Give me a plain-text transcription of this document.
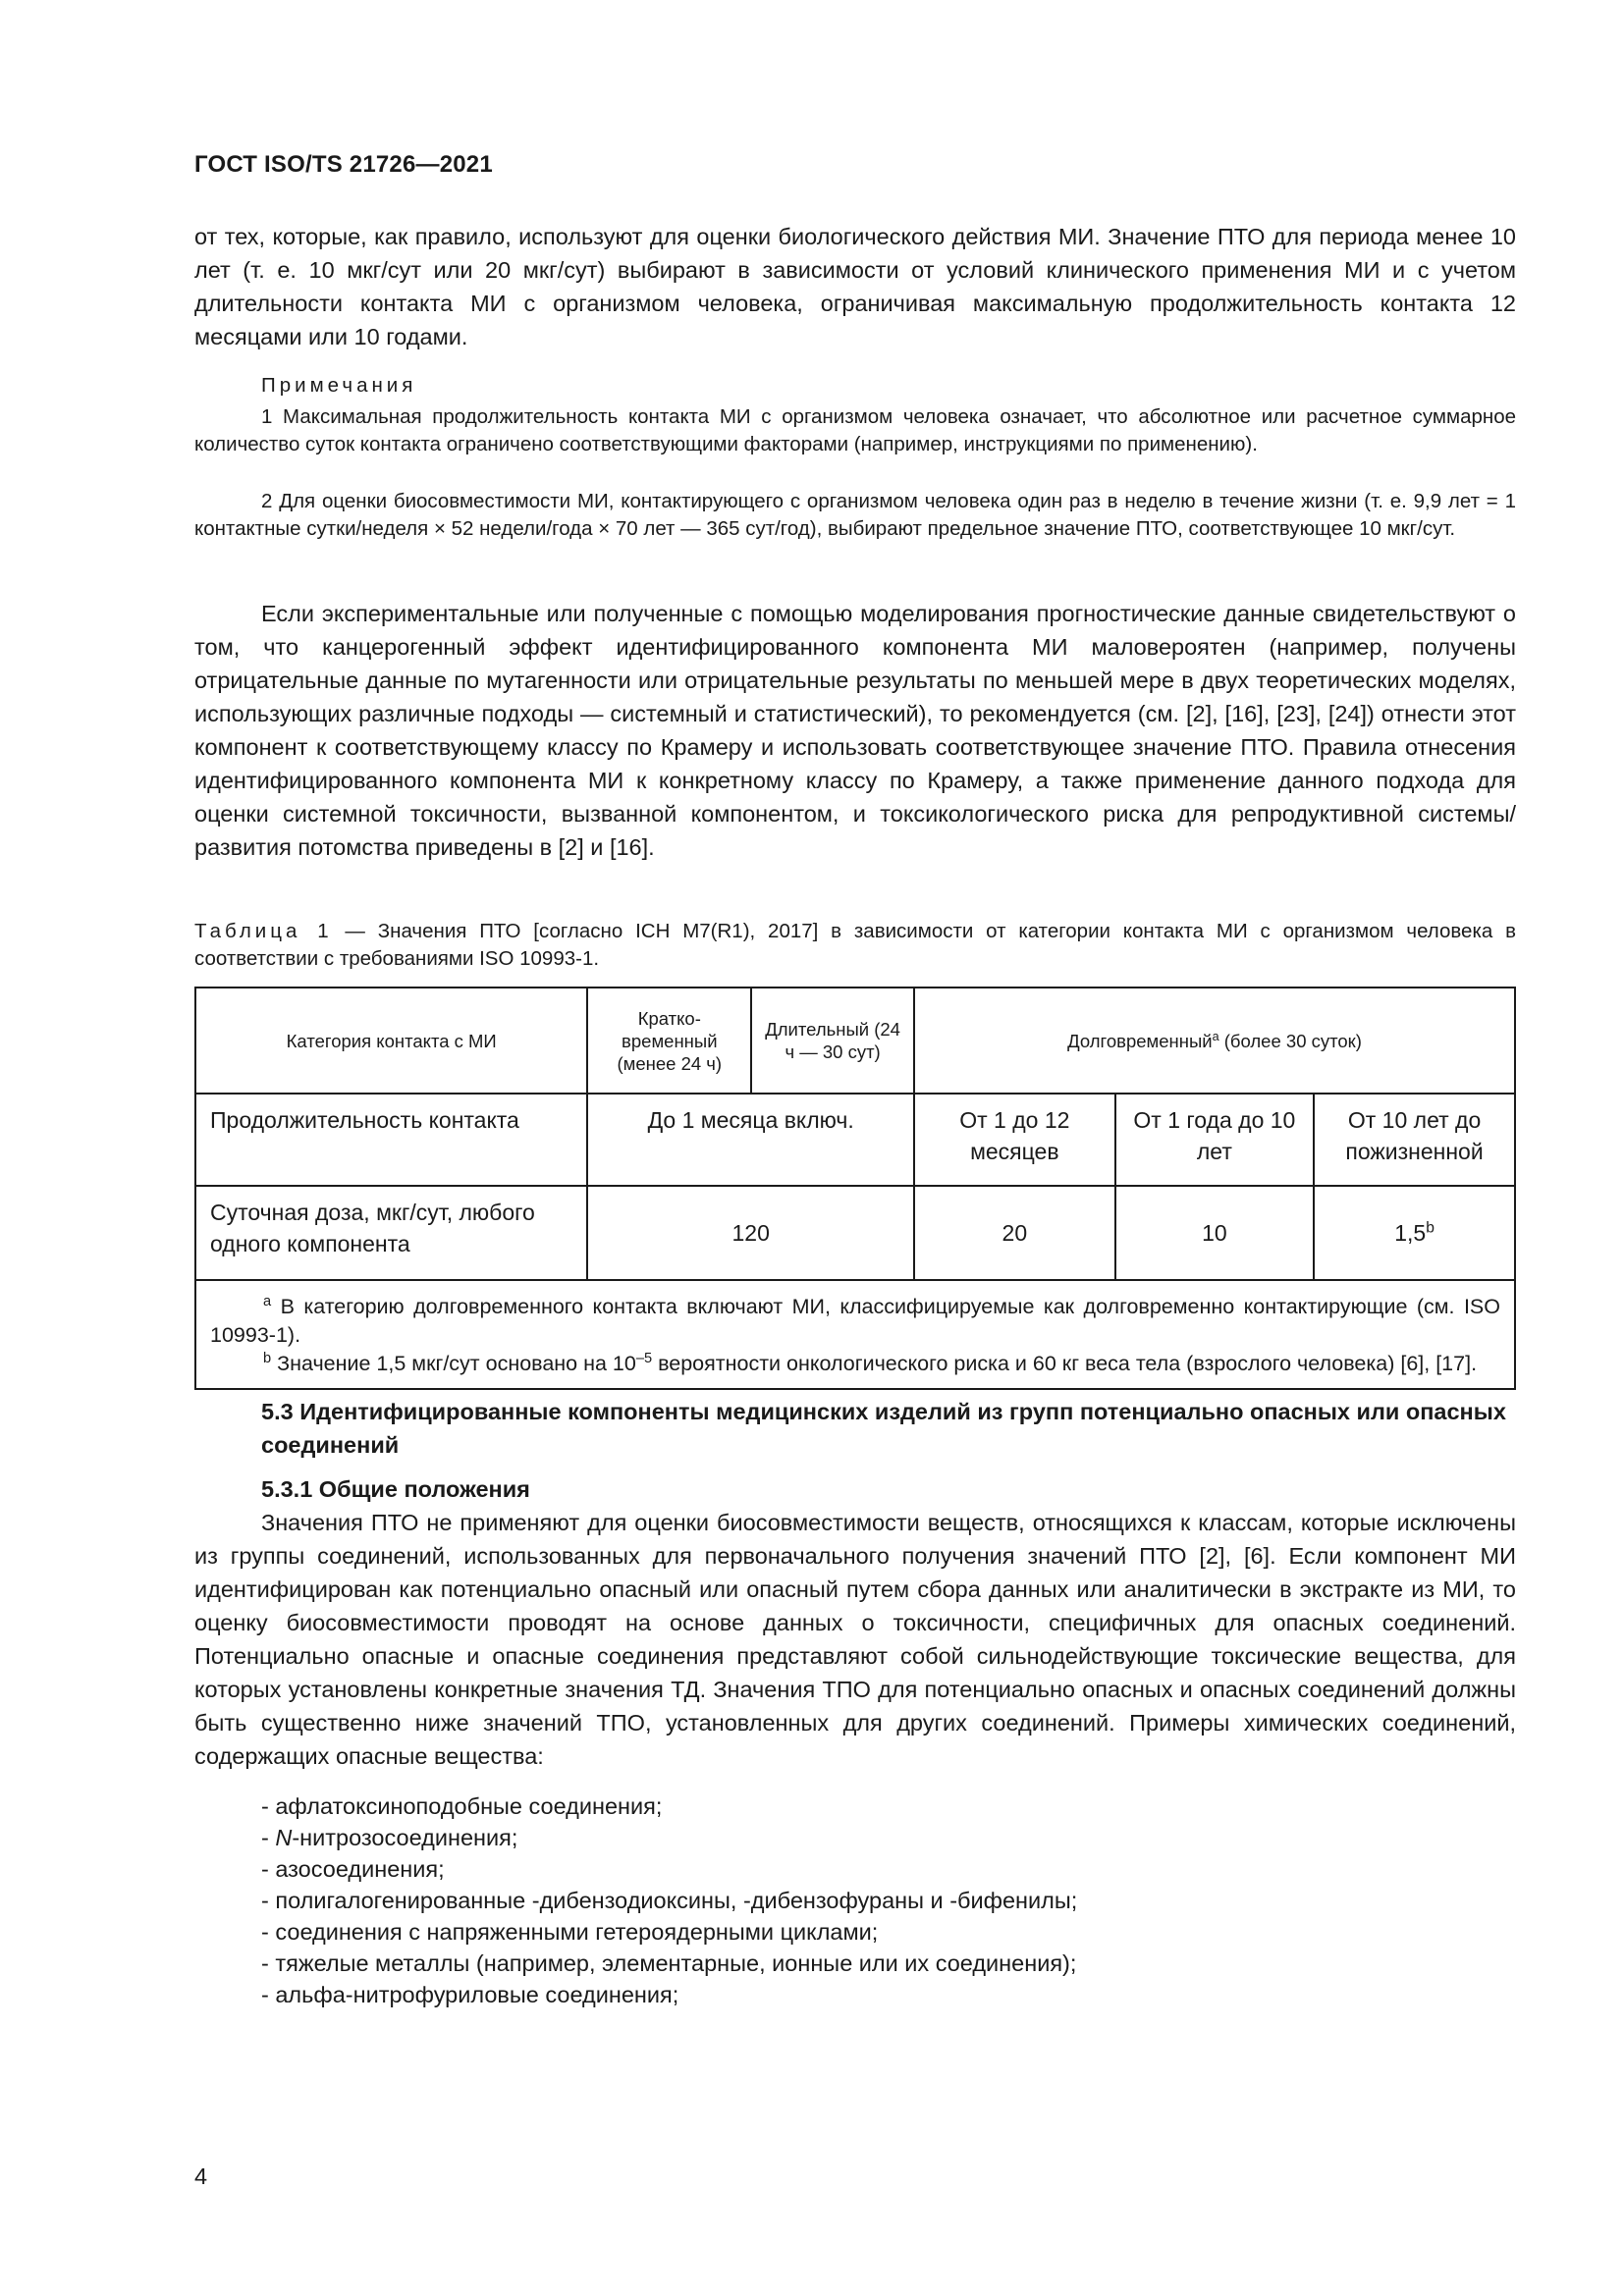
ГОСТ ISO/TS 21726—2021

от тех, которые, как правило, используют для оценки биологического действия МИ. Значение ПТО для периода менее 10 лет (т. е. 10 мкг/сут или 20 мкг/сут) выбирают в зависимости от условий клинического применения МИ и с учетом длительности контакта МИ с организмом человека, ограничивая максимальную продолжительность контакта 12 месяцами или 10 годами.

Примечания

1 Максимальная продолжительность контакта МИ с организмом человека означает, что абсолютное или расчетное суммарное количество суток контакта ограничено соответствующими факторами (например, инструкциями по применению).

2 Для оценки биосовместимости МИ, контактирующего с организмом человека один раз в неделю в течение жизни (т. е. 9,9 лет = 1 контактные сутки/неделя × 52 недели/года × 70 лет — 365 сут/год), выбирают предельное значение ПТО, соответствующее 10 мкг/сут.

Если экспериментальные или полученные с помощью моделирования прогностические данные свидетельствуют о том, что канцерогенный эффект идентифицированного компонента МИ маловероятен (например, получены отрицательные данные по мутагенности или отрицательные результаты по меньшей мере в двух теоретических моделях, использующих различные подходы — системный и статистический), то рекомендуется (см. [2], [16], [23], [24]) отнести этот компонент к соответствующему классу по Крамеру и использовать соответствующее значение ПТО. Правила отнесения идентифицированного компонента МИ к конкретному классу по Крамеру, а также применение данного подхода для оценки системной токсичности, вызванной компонентом, и токсикологического риска для репродуктивной системы/развития потомства приведены в [2] и [16].

Таблица 1 — Значения ПТО [согласно ICH M7(R1), 2017] в зависимости от категории контакта МИ с организмом человека в соответствии с требованиями ISO 10993-1.

Категория контакта с МИ	Кратко-временный (менее 24 ч)	Длительный (24 ч — 30 сут)	Долговременный$^a$ (более 30 суток)		
Продолжительность контакта	До 1 месяца включ.		От 1 до 12 месяцев	От 1 года до 10 лет	От 10 лет до пожизненной
Суточная доза, мкг/сут, любого одного компонента	120		20	10	1,5$^b$

$^a$ В категорию долговременного контакта включают МИ, классифицируемые как долговременно контактирующие (см. ISO 10993-1).
$^b$ Значение 1,5 мкг/сут основано на $10^{-5}$ вероятности онкологического риска и 60 кг веса тела (взрослого человека) [6], [17].					
5.3 Идентифицированные компоненты медицинских изделий из групп потенциально опасных или опасных соединений
5.3.1 Общие положения

Значения ПТО не применяют для оценки биосовместимости веществ, относящихся к классам, которые исключены из группы соединений, использованных для первоначального получения значений ПТО [2], [6]. Если компонент МИ идентифицирован как потенциально опасный или опасный путем сбора данных или аналитически в экстракте из МИ, то оценку биосовместимости проводят на основе данных о токсичности, специфичных для опасных соединений. Потенциально опасные и опасные соединения представляют собой сильнодействующие токсические вещества, для которых установлены конкретные значения ТД. Значения ТПО для потенциально опасных и опасных соединений должны быть существенно ниже значений ТПО, установленных для других соединений. Примеры химических соединений, содержащих опасные вещества:

- афлатоксиноподобные соединения;
- N-нитрозосоединения;
- азосоединения;
- полигалогенированные -дибензодиоксины, -дибензофураны и -бифенилы;
- соединения с напряженными гетероядерными циклами;
- тяжелые металлы (например, элементарные, ионные или их соединения);
- альфа-нитрофуриловые соединения;
4
